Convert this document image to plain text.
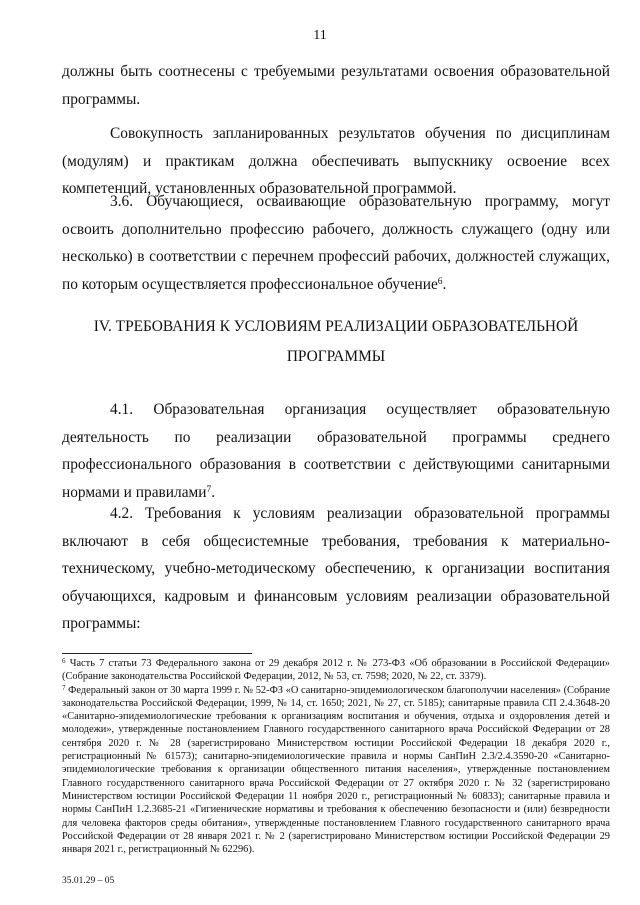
11

должны быть соотнесены с требуемыми результатами освоения образовательной программы.

Совокупность запланированных результатов обучения по дисциплинам (модулям) и практикам должна обеспечивать выпускнику освоение всех компетенций, установленных образовательной программой.

3.6. Обучающиеся, осваивающие образовательную программу, могут освоить дополнительно профессию рабочего, должность служащего (одну или несколько) в соответствии с перечнем профессий рабочих, должностей служащих, по которым осуществляется профессиональное обучение$^6$.

IV. ТРЕБОВАНИЯ К УСЛОВИЯМ РЕАЛИЗАЦИИ ОБРАЗОВАТЕЛЬНОЙ
ПРОГРАММЫ

4.1. Образовательная организация осуществляет образовательную деятельность по реализации образовательной программы среднего профессионального образования в соответствии с действующими санитарными нормами и правилами$^7$.

4.2. Требования к условиям реализации образовательной программы включают в себя общесистемные требования, требования к материально-техническому, учебно-методическому обеспечению, к организации воспитания обучающихся, кадровым и финансовым условиям реализации образовательной программы:

$^6$ Часть 7 статьи 73 Федерального закона от 29 декабря 2012 г. № 273-ФЗ «Об образовании в Российской Федерации» (Собрание законодательства Российской Федерации, 2012, № 53, ст. 7598; 2020, № 22, ст. 3379).

$^7$ Федеральный закон от 30 марта 1999 г. № 52-ФЗ «О санитарно-эпидемиологическом благополучии населения» (Собрание законодательства Российской Федерации, 1999, № 14, ст. 1650; 2021, № 27, ст. 5185); санитарные правила СП 2.4.3648-20 «Санитарно-эпидемиологические требования к организациям воспитания и обучения, отдыха и оздоровления детей и молодежи», утвержденные постановлением Главного государственного санитарного врача Российской Федерации от 28 сентября 2020 г. № 28 (зарегистрировано Министерством юстиции Российской Федерации 18 декабря 2020 г., регистрационный № 61573); санитарно-эпидемиологические правила и нормы СанПиН 2.3/2.4.3590-20 «Санитарно-эпидемиологические требования к организации общественного питания населения», утвержденные постановлением Главного государственного санитарного врача Российской Федерации от 27 октября 2020 г. № 32 (зарегистрировано Министерством юстиции Российской Федерации 11 ноября 2020 г., регистрационный № 60833); санитарные правила и нормы СанПиН 1.2.3685-21 «Гигиенические нормативы и требования к обеспечению безопасности и (или) безвредности для человека факторов среды обитания», утвержденные постановлением Главного государственного санитарного врача Российской Федерации от 28 января 2021 г. № 2 (зарегистрировано Министерством юстиции Российской Федерации 29 января 2021 г., регистрационный № 62296).

35.01.29 – 05
